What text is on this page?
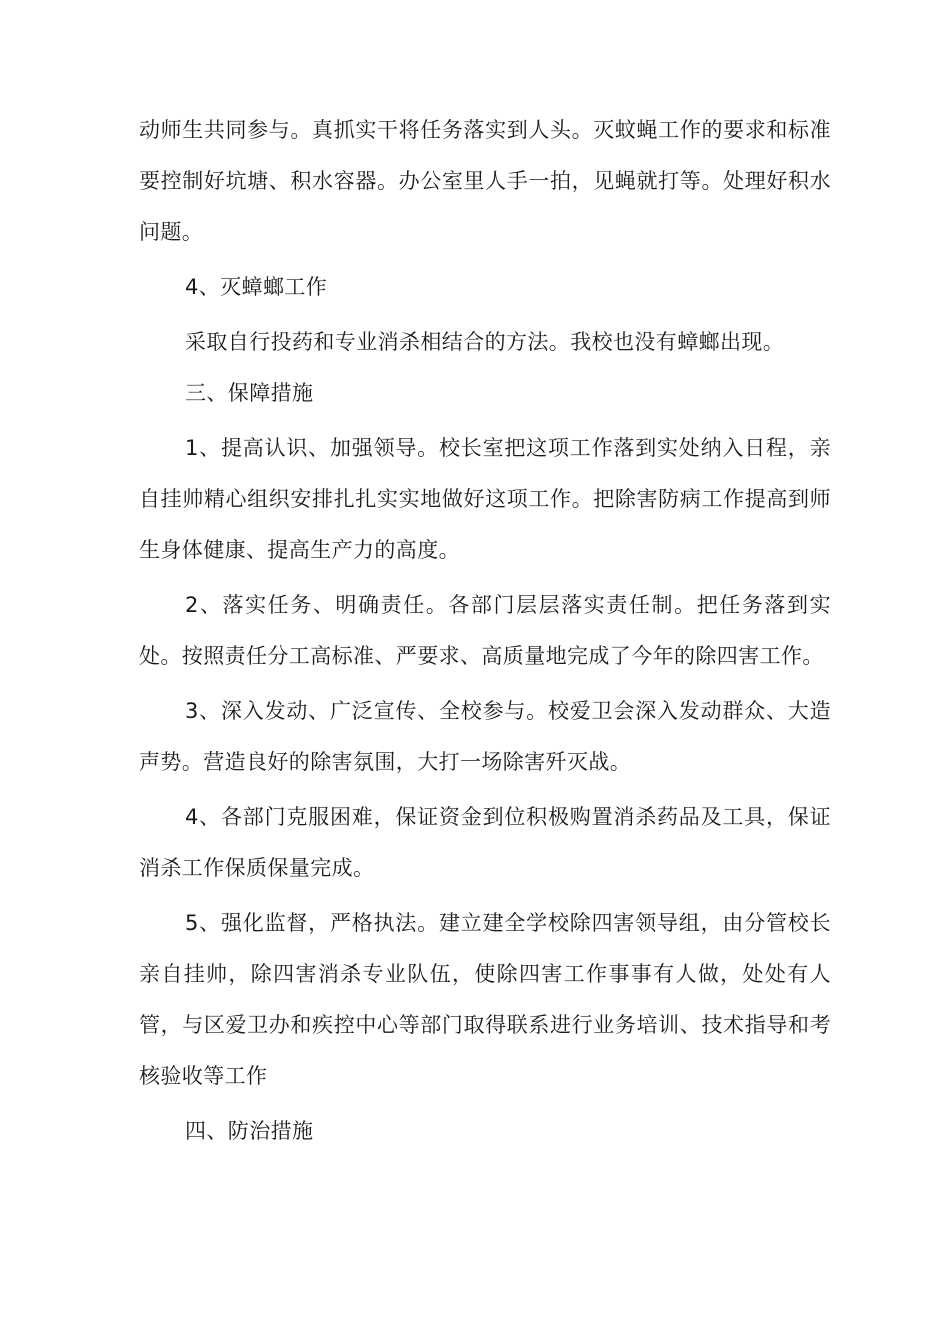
动师生共同参与。真抓实干将任务落实到人头。灭蚊蝇工作的要求和标准要控制好坑塘、积水容器。办公室里人手一拍，见蝇就打等。处理好积水问题。

4、灭蟑螂工作

采取自行投药和专业消杀相结合的方法。我校也没有蟑螂出现。

三、保障措施

1、提高认识、加强领导。校长室把这项工作落到实处纳入日程，亲自挂帅精心组织安排扎扎实实地做好这项工作。把除害防病工作提高到师生身体健康、提高生产力的高度。

2、落实任务、明确责任。各部门层层落实责任制。把任务落到实处。按照责任分工高标准、严要求、高质量地完成了今年的除四害工作。

3、深入发动、广泛宣传、全校参与。校爱卫会深入发动群众、大造声势。营造良好的除害氛围，大打一场除害歼灭战。

4、各部门克服困难，保证资金到位积极购置消杀药品及工具，保证消杀工作保质保量完成。

5、强化监督，严格执法。建立建全学校除四害领导组，由分管校长亲自挂帅，除四害消杀专业队伍，使除四害工作事事有人做，处处有人管，与区爱卫办和疾控中心等部门取得联系进行业务培训、技术指导和考核验收等工作

四、防治措施
